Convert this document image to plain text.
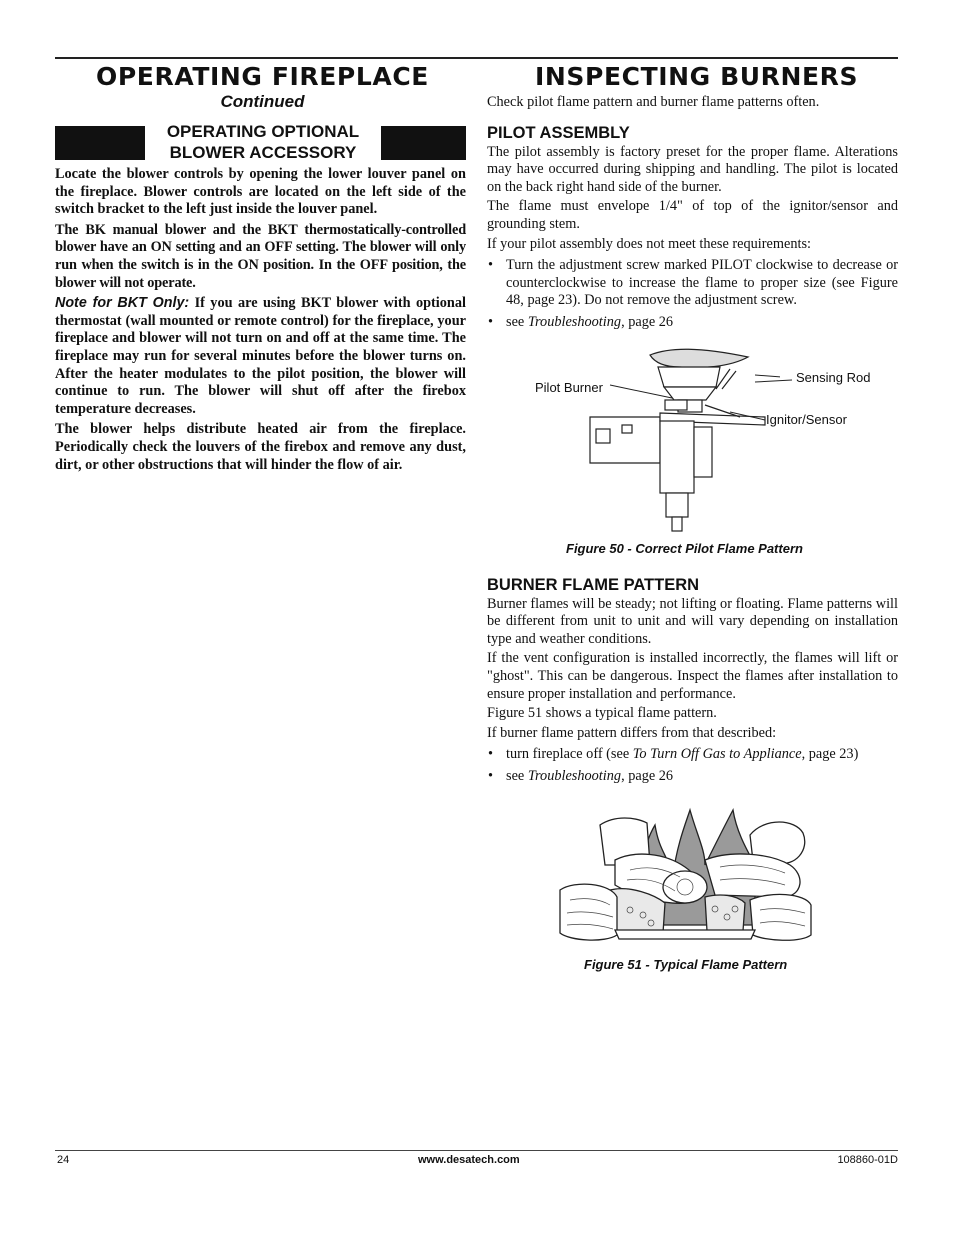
OPERATING FIREPLACE
Continued
OPERATING OPTIONAL
BLOWER ACCESSORY

Locate the blower controls by opening the lower louver panel on the fireplace. Blower controls are located on the left side of the switch bracket to the left just inside the louver panel.

The BK manual blower and the BKT thermostatically-controlled blower have an ON setting and an OFF setting. The blower will only run when the switch is in the ON position. In the OFF position, the blower will not operate.

Note for BKT Only: If you are using BKT blower with optional thermostat (wall mounted or remote control) for the fireplace, your fireplace and blower will not turn on and off at the same time. The fireplace may run for several minutes before the blower turns on. After the heater modulates to the pilot position, the blower will continue to run. The blower will shut off after the firebox temperature decreases.

The blower helps distribute heated air from the fireplace. Periodically check the louvers of the firebox and remove any dust, dirt, or other obstructions that will hinder the flow of air.

INSPECTING BURNERS
Check pilot flame pattern and burner flame patterns often.
PILOT ASSEMBLY

The pilot assembly is factory preset for the proper flame. Alterations may have occurred during shipping and handling. The pilot is located on the back right hand side of the burner.

The flame must envelope 1/4" of top of the ignitor/sensor and grounding stem.

If your pilot assembly does not meet these requirements:

• Turn the adjustment screw marked PILOT clockwise to decrease or counterclockwise to increase the flame to proper size (see Figure 48, page 23). Do not remove the adjustment screw.
• see Troubleshooting, page 26
Sensing Rod
Pilot Burner
Ignitor/Sensor
Figure 50 - Correct Pilot Flame Pattern
BURNER FLAME PATTERN

Burner flames will be steady; not lifting or floating. Flame patterns will be different from unit to unit and will vary depending on installation type and weather conditions.

If the vent configuration is installed incorrectly, the flames will lift or "ghost". This can be dangerous. Inspect the flames after installation to ensure proper installation and performance.

Figure 51 shows a typical flame pattern.

If burner flame pattern differs from that described:

• turn fireplace off (see To Turn Off Gas to Appliance, page 23)
• see Troubleshooting, page 26
Figure 51 - Typical Flame Pattern
24	www.desatech.com	108860-01D
